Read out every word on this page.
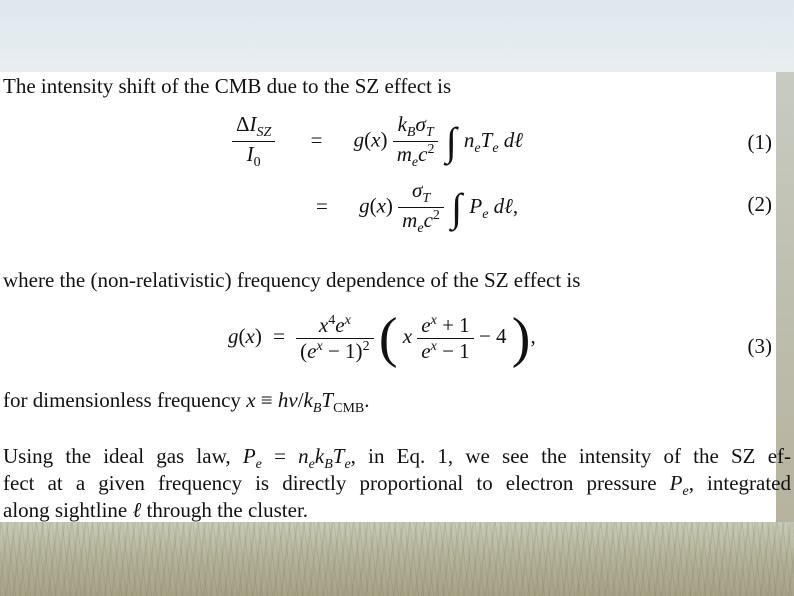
The intensity shift of the CMB due to the SZ effect is
$\frac{\Delta I_{SZ}}{I_0} = g(x) \frac{k_B\sigma_T}{m_ec^2}$ ∫ $n_eT_e$ dℓ	(1)
= $g(x) \frac{\sigma_T}{m_ec^2}$ ∫ $P_e$ dℓ,	(2)
where the (non-relativistic) frequency dependence of the SZ effect is
$g(x) = \frac{x^4e^x}{(e^x - 1)^2}$ ( x $\frac{e^x + 1}{e^x - 1} - 4$ ),	(3)
for dimensionless frequency $x \equiv h\nu/k_BT_{CMB}$.
Using the ideal gas law, $P_e = n_ek_BT_e$, in Eq. 1, we see the intensity of the SZ ef-
fect at a given frequency is directly proportional to electron pressure $P_e$, integrated
along sightline ℓ through the cluster.
